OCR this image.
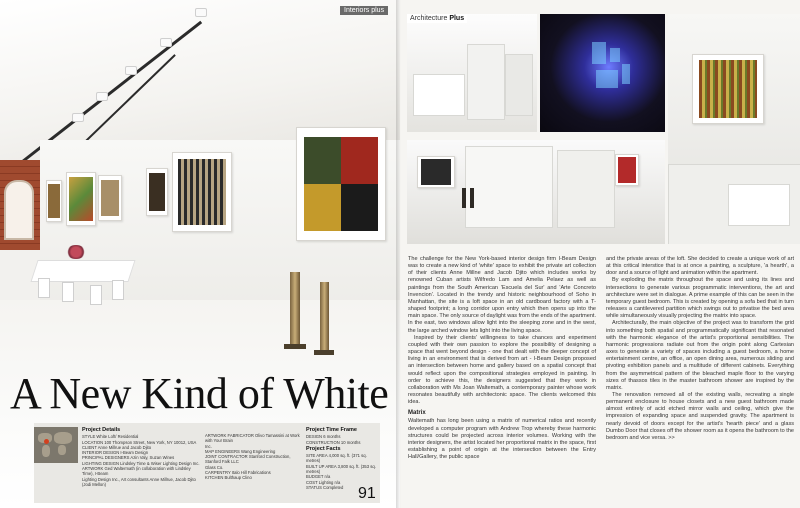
Interiors plus
A New Kind of White
Project Details
STYLE White Loft/ Residential
LOCATION 100 Thompson Street, New York, NY 10012, USA
CLIENT Anne Millrue and Jacob Djito
INTERIOR DESIGN I-Beam Design
PRINCIPAL DESIGNERS Azin Valy, Suzan Wines
LIGHTING DESIGN Lindsley Time & Wiser Lighting Design Inc.
ARTWORK Ged Waltermath (in collaboration with Lindsley Time), I-Beam
Lighting Design Inc., Art consultants Anne Millrue, Jacob Djito
(Jodi Mellon)
ARTWORK FABRICATOR Olivo Tamassini at Work with Your Brain
Inc.
MAP ENGINEERS Wang Engineering
JOINT CONTRACTOR Stanford Construction, Stanford Falk LLC
Glass Co.
CARPENTRY Italo Hill Fabrications
KITCHEN Bulthaup Clino
Project Time Frame
DESIGN 6 months
CONSTRUCTION 10 months
Project Facts
SITE AREA 4,000 sq. ft. (371 sq. metres)
BUILT UP AREA 3,800 sq. ft. (353 sq. metres)
BUDGET n/a
COST Lighting n/a
STATUS Completed 91
Architecture Plus

The challenge for the New York-based interior design firm I-Beam Design was to create a new kind of 'white' space to exhibit the private art collection of their clients Anne Millne and Jacob Djito which includes works by renowned Cuban artists Wilfredo Lam and Amelia Pelaez as well as paintings from the South American 'Escuela del Sur' and 'Arte Concreto Invencion'. Located in the trendy and historic neighbourhood of Soho in Manhattan, the site is a loft space in an old cardboard factory with a T-shaped footprint; a long corridor upon entry which then opens up into the main space. The only source of daylight was from the ends of the apartment. In the east, two windows allow light into the sleeping zone and in the west, the large arched window lets light into the living space.

Inspired by their clients' willingness to take chances and experiment coupled with their own passion to explore the possibility of designing a space that went beyond design - one that dealt with the deeper concept of living in an environment that is derived from art - I-Beam Design proposed an intersection between home and gallery based on a spatial concept that would reflect upon the compositional strategies employed in painting. In order to achieve this, the designers suggested that they work in collaboration with Ms Joan Waltemath, a contemporary painter whose work resonates beautifully with architectonic space. The clients welcomed this idea.

Matrix

Waltemath has long been using a matrix of numerical ratios and recently developed a computer program with Andrew Trop whereby these harmonic structures could be projected across interior volumes. Working with the interior designers, the artist located her proportional matrix in the space, first establishing a point of origin at the intersection between the Entry Hall/Gallery, the public space

and the private areas of the loft. She decided to create a unique work of art at this critical interstice that is at once a painting, a sculpture, 'a hearth', a door and a source of light and animation within the apartment.

By exploding the matrix throughout the space and using its lines and intersections to generate various programmatic interventions, the art and architecture were set in dialogue. A prime example of this can be seen in the temporary guest bedroom. This is created by opening a sofa bed that in turn releases a cantilevered partition which swings out to privatise the bed area while simultaneously visually projecting the matrix into space.

Architecturally, the main objective of the project was to transform the grid into something both spatial and programmatically significant that resonated with the harmonic elegance of the artist's proportional sensibilities. The harmonic progressions radiate out from the origin point along Cartesian axes to generate a variety of spaces including a guest bedroom, a home entertainment centre, an office, an open dining area, numerous sliding and pivoting exhibition panels and a multitude of different cabinets. Everything from the asymmetrical pattern of the bleached maple floor to the varying sizes of thassos tiles in the master bathroom shower are inspired by the matrix.

The renovation removed all of the existing walls, recreating a single permanent enclosure to house closets and a new guest bathroom made almost entirely of acid etched mirror walls and ceiling, which give the impression of expanding space and suspended gravity. The apartment is nearly devoid of doors except for the artist's 'hearth piece' and a glass Dumbo Door that closes off the shower room as it opens the bathroom to the bedroom and vice versa. >>
